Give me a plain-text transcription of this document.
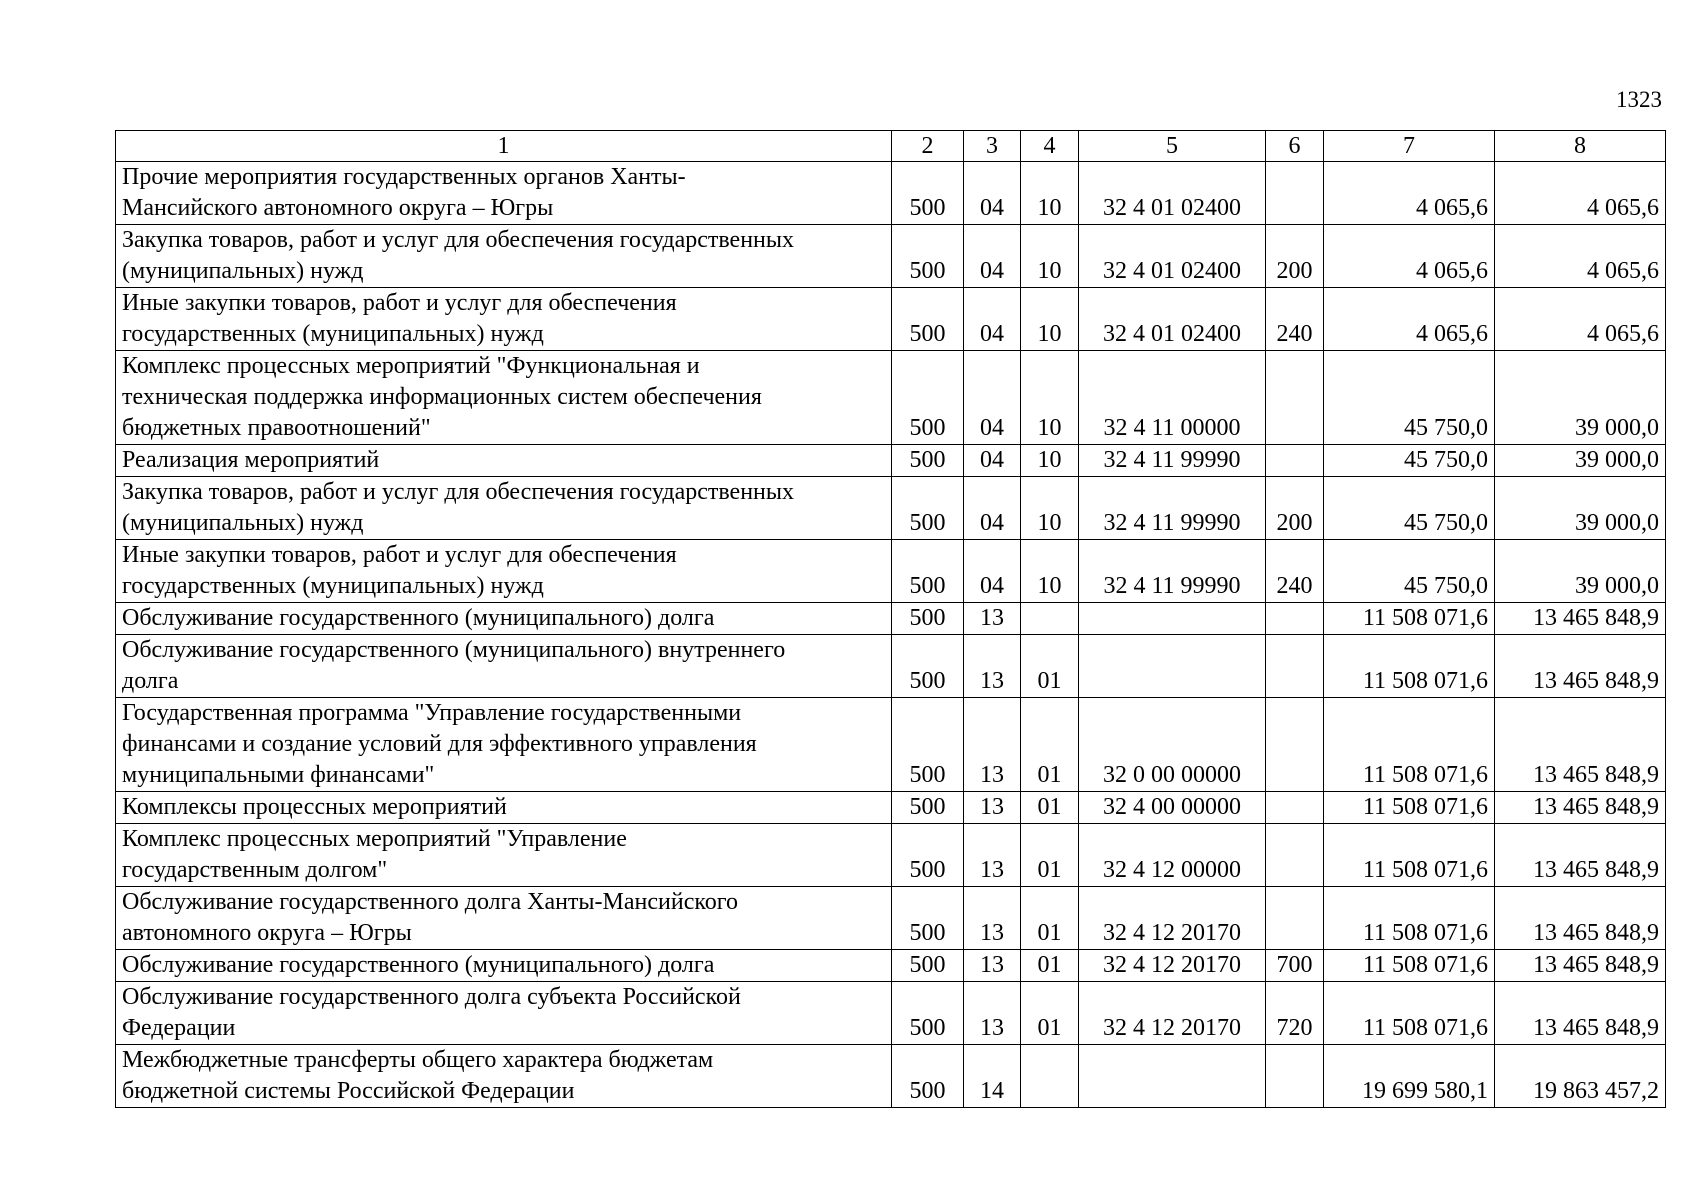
1323
1	2	3	4	5	6	7	8
Прочие мероприятия государственных органов Ханты-
Мансийского автономного округа – Югры	500	04	10	32 4 01 02400		4 065,6	4 065,6
Закупка товаров, работ и услуг для обеспечения государственных
(муниципальных) нужд	500	04	10	32 4 01 02400	200	4 065,6	4 065,6
Иные закупки товаров, работ и услуг для обеспечения
государственных (муниципальных) нужд	500	04	10	32 4 01 02400	240	4 065,6	4 065,6
Комплекс процессных мероприятий "Функциональная и
техническая поддержка информационных систем обеспечения
бюджетных правоотношений"	500	04	10	32 4 11 00000		45 750,0	39 000,0
Реализация мероприятий	500	04	10	32 4 11 99990		45 750,0	39 000,0
Закупка товаров, работ и услуг для обеспечения государственных
(муниципальных) нужд	500	04	10	32 4 11 99990	200	45 750,0	39 000,0
Иные закупки товаров, работ и услуг для обеспечения
государственных (муниципальных) нужд	500	04	10	32 4 11 99990	240	45 750,0	39 000,0
Обслуживание государственного (муниципального) долга	500	13				11 508 071,6	13 465 848,9
Обслуживание государственного (муниципального) внутреннего
долга	500	13	01			11 508 071,6	13 465 848,9
Государственная программа "Управление государственными
финансами и создание условий для эффективного управления
муниципальными финансами"	500	13	01	32 0 00 00000		11 508 071,6	13 465 848,9
Комплексы процессных мероприятий	500	13	01	32 4 00 00000		11 508 071,6	13 465 848,9
Комплекс процессных мероприятий "Управление
государственным долгом"	500	13	01	32 4 12 00000		11 508 071,6	13 465 848,9
Обслуживание государственного долга Ханты-Мансийского
автономного округа – Югры	500	13	01	32 4 12 20170		11 508 071,6	13 465 848,9
Обслуживание государственного (муниципального) долга	500	13	01	32 4 12 20170	700	11 508 071,6	13 465 848,9
Обслуживание государственного долга субъекта Российской
Федерации	500	13	01	32 4 12 20170	720	11 508 071,6	13 465 848,9
Межбюджетные трансферты общего характера бюджетам
бюджетной системы Российской Федерации	500	14				19 699 580,1	19 863 457,2
